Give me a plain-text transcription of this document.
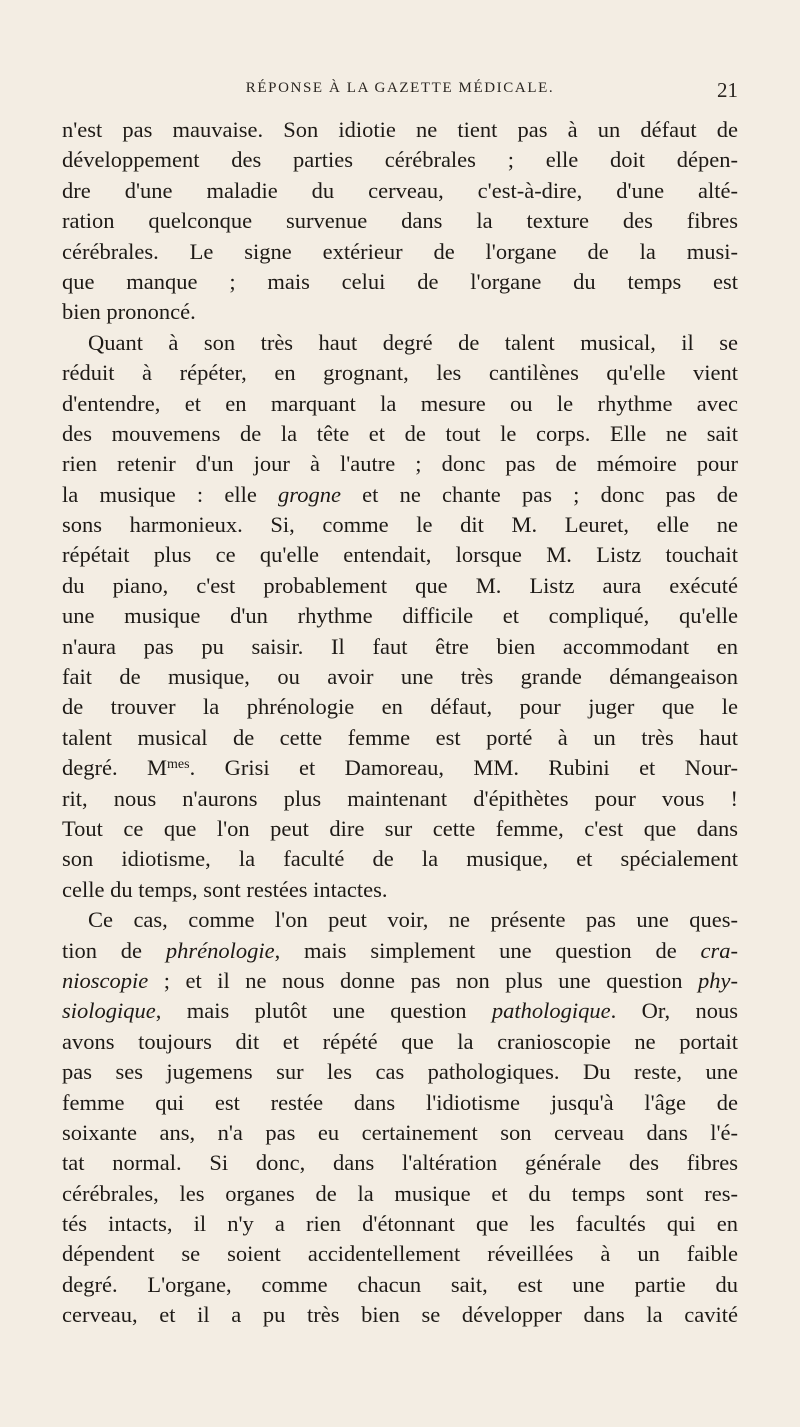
RÉPONSE À LA GAZETTE MÉDICALE.	21
n'est pas mauvaise. Son idiotie ne tient pas à un défaut de
développement des parties cérébrales ; elle doit dépen-
dre d'une maladie du cerveau, c'est-à-dire, d'une alté-
ration quelconque survenue dans la texture des fibres
cérébrales. Le signe extérieur de l'organe de la musi-
que manque ; mais celui de l'organe du temps est
bien prononcé.
Quant à son très haut degré de talent musical, il se
réduit à répéter, en grognant, les cantilènes qu'elle vient
d'entendre, et en marquant la mesure ou le rhythme avec
des mouvemens de la tête et de tout le corps. Elle ne sait
rien retenir d'un jour à l'autre ; donc pas de mémoire pour
la musique : elle grogne et ne chante pas ; donc pas de
sons harmonieux. Si, comme le dit M. Leuret, elle ne
répétait plus ce qu'elle entendait, lorsque M. Listz touchait
du piano, c'est probablement que M. Listz aura exécuté
une musique d'un rhythme difficile et compliqué, qu'elle
n'aura pas pu saisir. Il faut être bien accommodant en
fait de musique, ou avoir une très grande démangeaison
de trouver la phrénologie en défaut, pour juger que le
talent musical de cette femme est porté à un très haut
degré. $M^{mes}$. Grisi et Damoreau, MM. Rubini et Nour-
rit, nous n'aurons plus maintenant d'épithètes pour vous !
Tout ce que l'on peut dire sur cette femme, c'est que dans
son idiotisme, la faculté de la musique, et spécialement
celle du temps, sont restées intactes.
Ce cas, comme l'on peut voir, ne présente pas une ques-
tion de phrénologie, mais simplement une question de cra-
nioscopie ; et il ne nous donne pas non plus une question phy-
siologique, mais plutôt une question pathologique. Or, nous
avons toujours dit et répété que la cranioscopie ne portait
pas ses jugemens sur les cas pathologiques. Du reste, une
femme qui est restée dans l'idiotisme jusqu'à l'âge de
soixante ans, n'a pas eu certainement son cerveau dans l'é-
tat normal. Si donc, dans l'altération générale des fibres
cérébrales, les organes de la musique et du temps sont res-
tés intacts, il n'y a rien d'étonnant que les facultés qui en
dépendent se soient accidentellement réveillées à un faible
degré. L'organe, comme chacun sait, est une partie du
cerveau, et il a pu très bien se développer dans la cavité
